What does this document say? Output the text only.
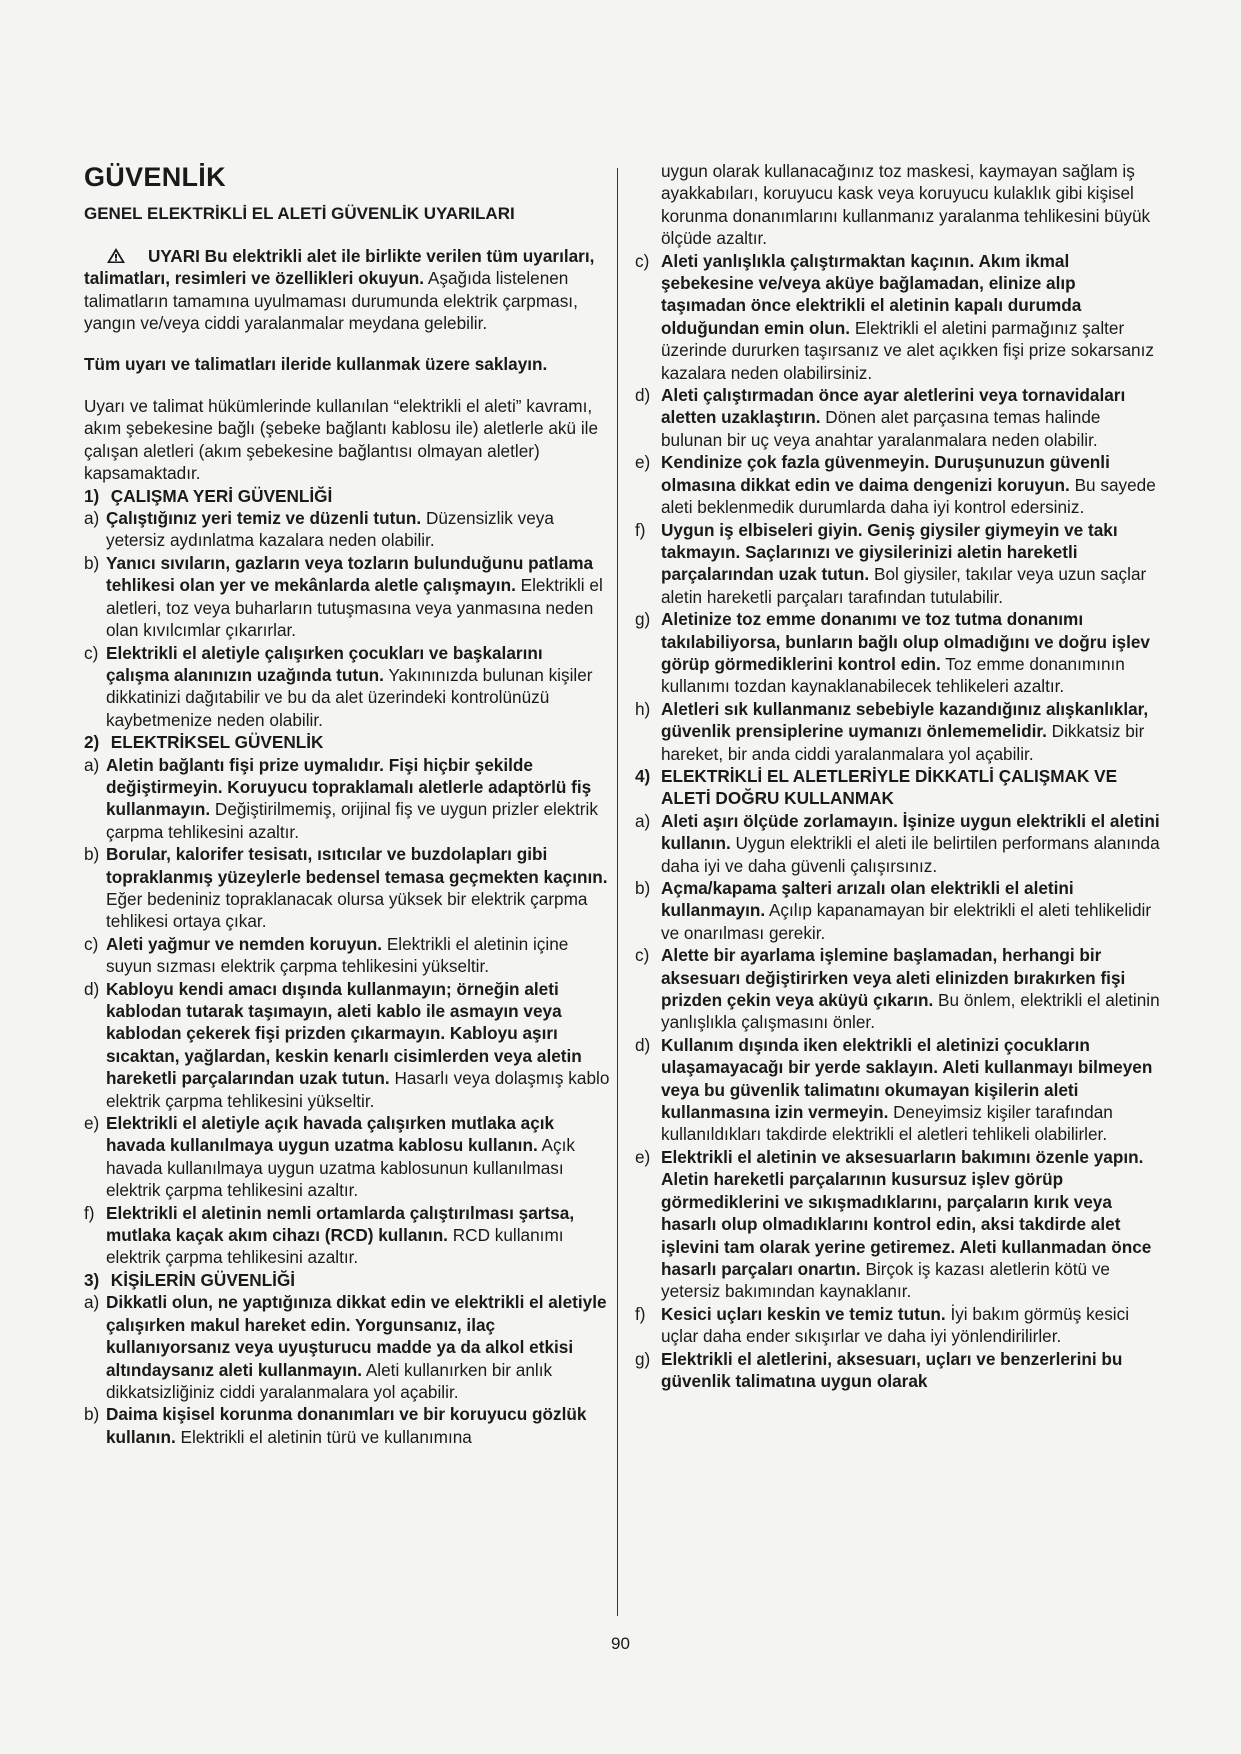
GÜVENLİK
GENEL ELEKTRİKLİ EL ALETİ GÜVENLİK UYARILARI

UYARI Bu elektrikli alet ile birlikte verilen tüm uyarıları, talimatları, resimleri ve özellikleri okuyun. Aşağıda listelenen talimatların tamamına uyulmaması durumunda elektrik çarpması, yangın ve/veya ciddi yaralanmalar meydana gelebilir.

Tüm uyarı ve talimatları ileride kullanmak üzere saklayın.

Uyarı ve talimat hükümlerinde kullanılan “elektrikli el aleti” kavramı, akım şebekesine bağlı (şebeke bağlantı kablosu ile) aletlerle akü ile çalışan aletleri (akım şebekesine bağlantısı olmayan aletler) kapsamaktadır.

1) ÇALIŞMA YERİ GÜVENLİĞİ
a) Çalıştığınız yeri temiz ve düzenli tutun. Düzensizlik veya yetersiz aydınlatma kazalara neden olabilir.
b) Yanıcı sıvıların, gazların veya tozların bulunduğunu patlama tehlikesi olan yer ve mekânlarda aletle çalışmayın. Elektrikli el aletleri, toz veya buharların tutuşmasına veya yanmasına neden olan kıvılcımlar çıkarırlar.
c) Elektrikli el aletiyle çalışırken çocukları ve başkalarını çalışma alanınızın uzağında tutun. Yakınınızda bulunan kişiler dikkatinizi dağıtabilir ve bu da alet üzerindeki kontrolünüzü kaybetmenize neden olabilir.
2) ELEKTRİKSEL GÜVENLİK
a) Aletin bağlantı fişi prize uymalıdır. Fişi hiçbir şekilde değiştirmeyin. Koruyucu topraklamalı aletlerle adaptörlü fiş kullanmayın. Değiştirilmemiş, orijinal fiş ve uygun prizler elektrik çarpma tehlikesini azaltır.
b) Borular, kalorifer tesisatı, ısıtıcılar ve buzdolapları gibi topraklanmış yüzeylerle bedensel temasa geçmekten kaçının. Eğer bedeniniz topraklanacak olursa yüksek bir elektrik çarpma tehlikesi ortaya çıkar.
c) Aleti yağmur ve nemden koruyun. Elektrikli el aletinin içine suyun sızması elektrik çarpma tehlikesini yükseltir.
d) Kabloyu kendi amacı dışında kullanmayın; örneğin aleti kablodan tutarak taşımayın, aleti kablo ile asmayın veya kablodan çekerek fişi prizden çıkarmayın. Kabloyu aşırı sıcaktan, yağlardan, keskin kenarlı cisimlerden veya aletin hareketli parçalarından uzak tutun. Hasarlı veya dolaşmış kablo elektrik çarpma tehlikesini yükseltir.
e) Elektrikli el aletiyle açık havada çalışırken mutlaka açık havada kullanılmaya uygun uzatma kablosu kullanın. Açık havada kullanılmaya uygun uzatma kablosunun kullanılması elektrik çarpma tehlikesini azaltır.
f) Elektrikli el aletinin nemli ortamlarda çalıştırılması şartsa, mutlaka kaçak akım cihazı (RCD) kullanın. RCD kullanımı elektrik çarpma tehlikesini azaltır.
3) KİŞİLERİN GÜVENLİĞİ
a) Dikkatli olun, ne yaptığınıza dikkat edin ve elektrikli el aletiyle çalışırken makul hareket edin. Yorgunsanız, ilaç kullanıyorsanız veya uyuşturucu madde ya da alkol etkisi altındaysanız aleti kullanmayın. Aleti kullanırken bir anlık dikkatsizliğiniz ciddi yaralanmalara yol açabilir.
b) Daima kişisel korunma donanımları ve bir koruyucu gözlük kullanın. Elektrikli el aletinin türü ve kullanımına

uygun olarak kullanacağınız toz maskesi, kaymayan sağlam iş ayakkabıları, koruyucu kask veya koruyucu kulaklık gibi kişisel korunma donanımlarını kullanmanız yaralanma tehlikesini büyük ölçüde azaltır.

c) Aleti yanlışlıkla çalıştırmaktan kaçının. Akım ikmal şebekesine ve/veya aküye bağlamadan, elinize alıp taşımadan önce elektrikli el aletinin kapalı durumda olduğundan emin olun. Elektrikli el aletini parmağınız şalter üzerinde dururken taşırsanız ve alet açıkken fişi prize sokarsanız kazalara neden olabilirsiniz.
d) Aleti çalıştırmadan önce ayar aletlerini veya tornavidaları aletten uzaklaştırın. Dönen alet parçasına temas halinde bulunan bir uç veya anahtar yaralanmalara neden olabilir.
e) Kendinize çok fazla güvenmeyin. Duruşunuzun güvenli olmasına dikkat edin ve daima dengenizi koruyun. Bu sayede aleti beklenmedik durumlarda daha iyi kontrol edersiniz.
f) Uygun iş elbiseleri giyin. Geniş giysiler giymeyin ve takı takmayın. Saçlarınızı ve giysilerinizi aletin hareketli parçalarından uzak tutun. Bol giysiler, takılar veya uzun saçlar aletin hareketli parçaları tarafından tutulabilir.
g) Aletinize toz emme donanımı ve toz tutma donanımı takılabiliyorsa, bunların bağlı olup olmadığını ve doğru işlev görüp görmediklerini kontrol edin. Toz emme donanımının kullanımı tozdan kaynaklanabilecek tehlikeleri azaltır.
h) Aletleri sık kullanmanız sebebiyle kazandığınız alışkanlıklar, güvenlik prensiplerine uymanızı önlememelidir. Dikkatsiz bir hareket, bir anda ciddi yaralanmalara yol açabilir.
4) ELEKTRİKLİ EL ALETLERİYLE DİKKATLİ ÇALIŞMAK VE ALETİ DOĞRU KULLANMAK
a) Aleti aşırı ölçüde zorlamayın. İşinize uygun elektrikli el aletini kullanın. Uygun elektrikli el aleti ile belirtilen performans alanında daha iyi ve daha güvenli çalışırsınız.
b) Açma/kapama şalteri arızalı olan elektrikli el aletini kullanmayın. Açılıp kapanamayan bir elektrikli el aleti tehlikelidir ve onarılması gerekir.
c) Alette bir ayarlama işlemine başlamadan, herhangi bir aksesuarı değiştirirken veya aleti elinizden bırakırken fişi prizden çekin veya aküyü çıkarın. Bu önlem, elektrikli el aletinin yanlışlıkla çalışmasını önler.
d) Kullanım dışında iken elektrikli el aletinizi çocukların ulaşamayacağı bir yerde saklayın. Aleti kullanmayı bilmeyen veya bu güvenlik talimatını okumayan kişilerin aleti kullanmasına izin vermeyin. Deneyimsiz kişiler tarafından kullanıldıkları takdirde elektrikli el aletleri tehlikeli olabilirler.
e) Elektrikli el aletinin ve aksesuarların bakımını özenle yapın. Aletin hareketli parçalarının kusursuz işlev görüp görmediklerini ve sıkışmadıklarını, parçaların kırık veya hasarlı olup olmadıklarını kontrol edin, aksi takdirde alet işlevini tam olarak yerine getiremez. Aleti kullanmadan önce hasarlı parçaları onartın. Birçok iş kazası aletlerin kötü ve yetersiz bakımından kaynaklanır.
f) Kesici uçları keskin ve temiz tutun. İyi bakım görmüş kesici uçlar daha ender sıkışırlar ve daha iyi yönlendirilirler.
g) Elektrikli el aletlerini, aksesuarı, uçları ve benzerlerini bu güvenlik talimatına uygun olarak
90
